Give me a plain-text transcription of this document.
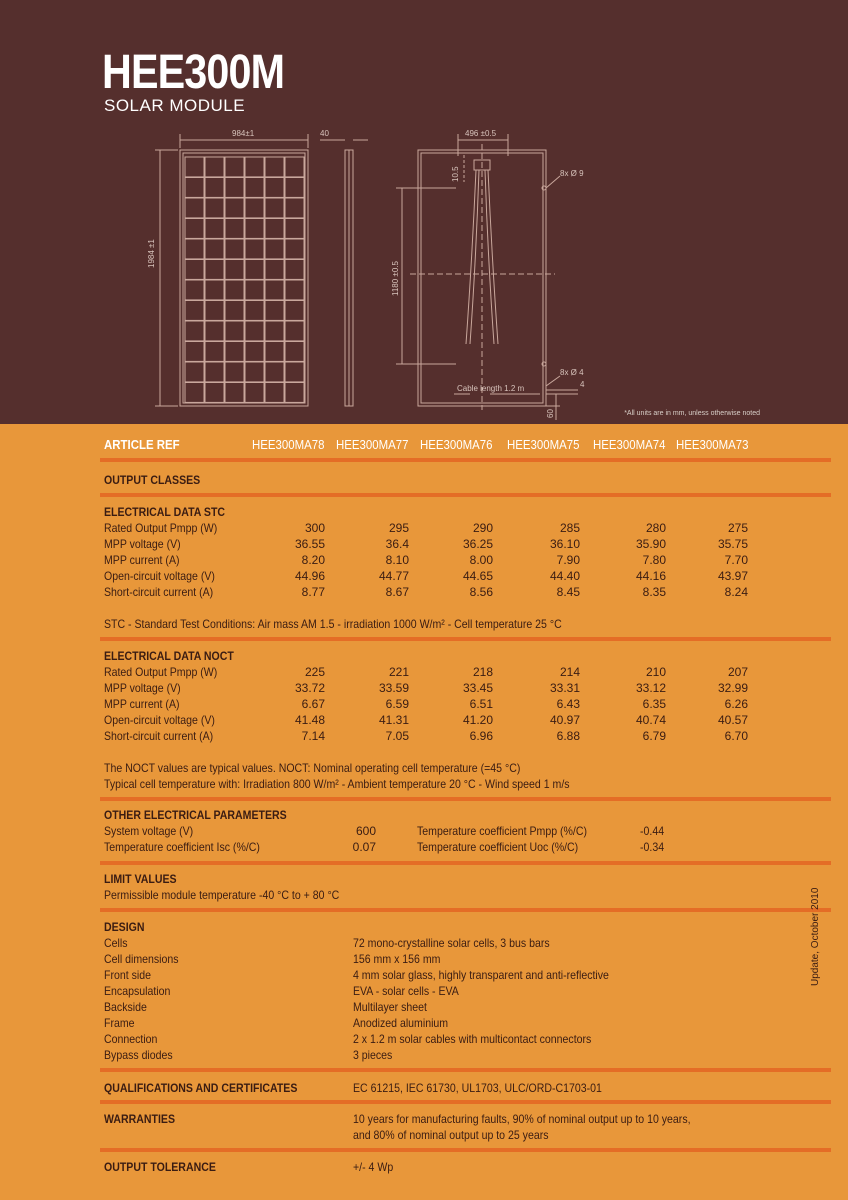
HEE300M
SOLAR MODULE
984±1	40	496 ±0.5
1984 ±1
1180 ±0.5
10.5	8x Ø 9
8x Ø 4
4
Cable length 1.2 m
60	*All units are in mm, unless otherwise noted
ARTICLE REF	HEE300MA78 HEE300MA77 HEE300MA76 HEE300MA75 HEE300MA74 HEE300MA73
OUTPUT CLASSES
ELECTRICAL DATA STC
Rated Output Pmpp (W)	300	295	290	285	280	275
MPP voltage (V)	36.55	36.4	36.25	36.10	35.90	35.75
MPP current (A)	8.20	8.10	8.00	7.90	7.80	7.70
Open-circuit voltage (V)	44.96	44.77	44.65	44.40	44.16	43.97
Short-circuit current (A)	8.77	8.67	8.56	8.45	8.35	8.24
STC - Standard Test Conditions: Air mass AM 1.5 - irradiation 1000 W/m² - Cell temperature 25 °C
ELECTRICAL DATA NOCT
Rated Output Pmpp (W)	225	221	218	214	210	207
MPP voltage (V)	33.72	33.59	33.45	33.31	33.12	32.99
MPP current (A)	6.67	6.59	6.51	6.43	6.35	6.26
Open-circuit voltage (V)	41.48	41.31	41.20	40.97	40.74	40.57
Short-circuit current (A)	7.14	7.05	6.96	6.88	6.79	6.70
The NOCT values are typical values. NOCT: Nominal operating cell temperature (=45 °C)
Typical cell temperature with: Irradiation 800 W/m² - Ambient temperature 20 °C - Wind speed 1 m/s
OTHER ELECTRICAL PARAMETERS
System voltage (V)	600
Temperature coefficient Isc (%/C)	0.07
Temperature coefficient Pmpp (%/C)	-0.44
Temperature coefficient Uoc (%/C)	-0.34
LIMIT VALUES
Permissible module temperature -40 °C to + 80 °C
DESIGN
Cells	72 mono-crystalline solar cells, 3 bus bars
Cell dimensions	156 mm x 156 mm
Front side	4 mm solar glass, highly transparent and anti-reflective
Encapsulation	EVA - solar cells - EVA
Backside	Multilayer sheet
Frame	Anodized aluminium
Connection	2 x 1.2 m solar cables with multicontact connectors
Bypass diodes	3 pieces
QUALIFICATIONS AND CERTIFICATES	EC 61215, IEC 61730, UL1703, ULC/ORD-C1703-01
WARRANTIES	10 years for manufacturing faults, 90% of nominal output up to 10 years,
and 80% of nominal output up to 25 years
OUTPUT TOLERANCE	+/- 4 Wp
Update, October 2010
